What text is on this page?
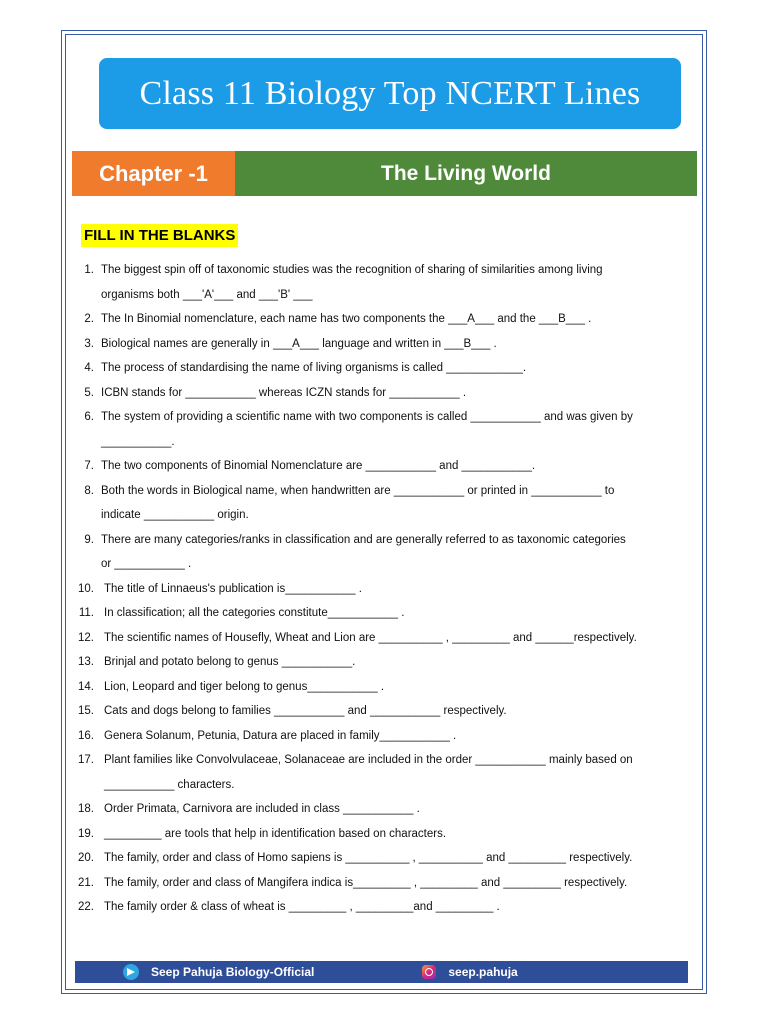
Class 11 Biology Top NCERT Lines
Chapter -1	The Living World
FILL IN THE BLANKS
1. The biggest spin off of taxonomic studies was the recognition of sharing of similarities among living
organisms both ___'A'___ and ___'B' ___
2. The In Binomial nomenclature, each name has two components the ___A___ and the ___B___ .
3. Biological names are generally in ___A___ language and written in ___B___ .
4. The process of standardising the name of living organisms is called ____________.
5. ICBN stands for ___________ whereas ICZN stands for ___________ .
6. The system of providing a scientific name with two components is called ___________ and was given by
___________.
7. The two components of Binomial Nomenclature are ___________ and ___________.
8. Both the words in Biological name, when handwritten are ___________ or printed in ___________ to
indicate ___________ origin.
9. There are many categories/ranks in classification and are generally referred to as taxonomic categories
or ___________ .
10. The title of Linnaeus's publication is___________ .
11. In classification; all the categories constitute___________ .
12. The scientific names of Housefly, Wheat and Lion are __________ , _________ and ______respectively.
13. Brinjal and potato belong to genus ___________.
14. Lion, Leopard and tiger belong to genus___________ .
15. Cats and dogs belong to families ___________ and ___________ respectively.
16. Genera Solanum, Petunia, Datura are placed in family___________ .
17. Plant families like Convolvulaceae, Solanaceae are included in the order ___________ mainly based on
___________ characters.
18. Order Primata, Carnivora are included in class ___________ .
19. _________ are tools that help in identification based on characters.
20. The family, order and class of Homo sapiens is __________ , __________ and _________ respectively.
21. The family, order and class of Mangifera indica is_________ , _________ and _________ respectively.
22. The family order & class of wheat is _________ , _________and _________ .
Seep Pahuja Biology-Official	seep.pahuja
